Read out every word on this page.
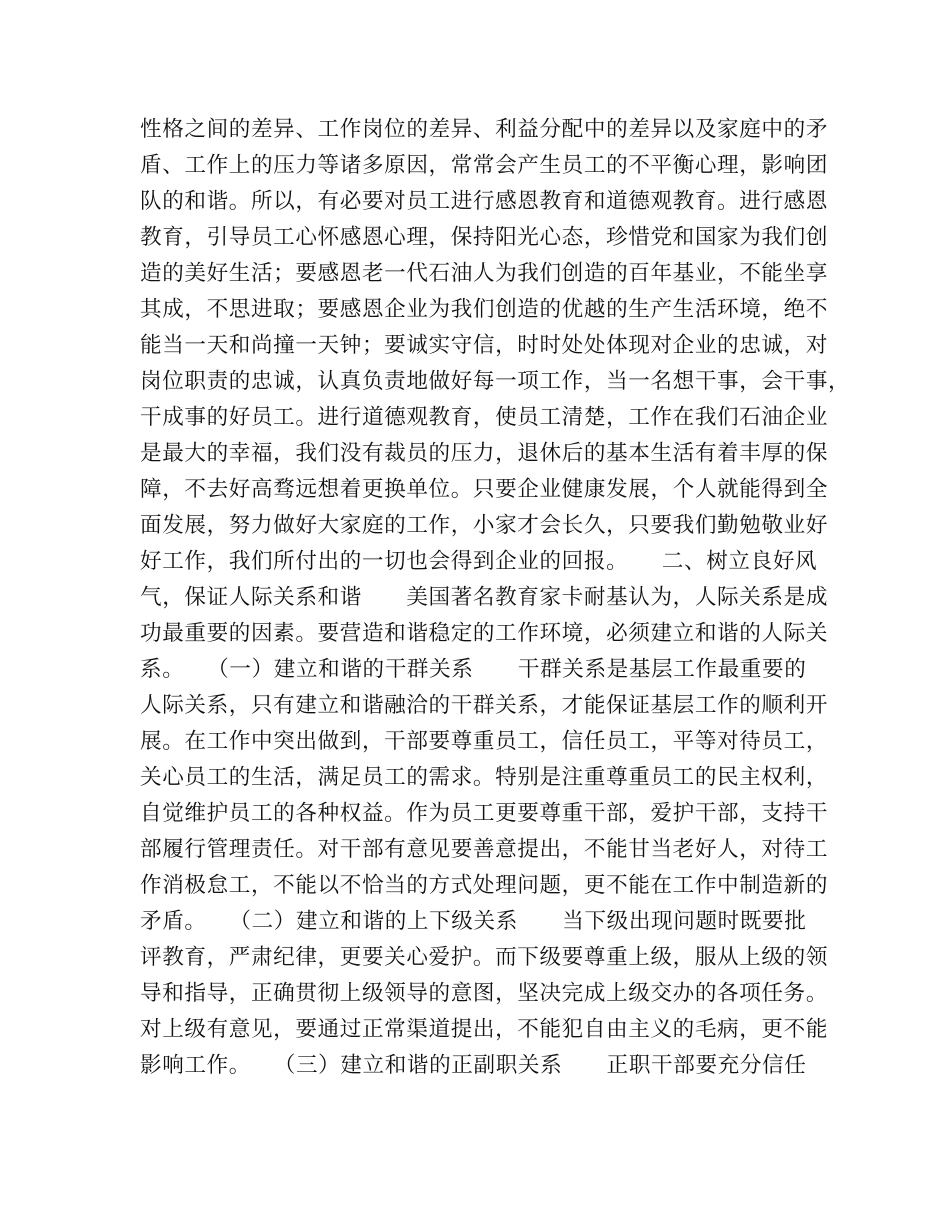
性格之间的差异、工作岗位的差异、利益分配中的差异以及家庭中的矛
盾、工作上的压力等诸多原因，常常会产生员工的不平衡心理，影响团
队的和谐。所以，有必要对员工进行感恩教育和道德观教育。进行感恩
教育，引导员工心怀感恩心理，保持阳光心态，珍惜党和国家为我们创
造的美好生活；要感恩老一代石油人为我们创造的百年基业，不能坐享
其成，不思进取；要感恩企业为我们创造的优越的生产生活环境，绝不
能当一天和尚撞一天钟；要诚实守信，时时处处体现对企业的忠诚，对
岗位职责的忠诚，认真负责地做好每一项工作，当一名想干事，会干事，
干成事的好员工。进行道德观教育，使员工清楚，工作在我们石油企业
是最大的幸福，我们没有裁员的压力，退休后的基本生活有着丰厚的保
障，不去好高骛远想着更换单位。只要企业健康发展，个人就能得到全
面发展，努力做好大家庭的工作，小家才会长久，只要我们勤勉敬业好
好工作，我们所付出的一切也会得到企业的回报。　　二、树立良好风
气，保证人际关系和谐　　美国著名教育家卡耐基认为，人际关系是成
功最重要的因素。要营造和谐稳定的工作环境，必须建立和谐的人际关
系。　　（一）建立和谐的干群关系　　干群关系是基层工作最重要的
人际关系，只有建立和谐融洽的干群关系，才能保证基层工作的顺利开
展。在工作中突出做到，干部要尊重员工，信任员工，平等对待员工，
关心员工的生活，满足员工的需求。特别是注重尊重员工的民主权利，
自觉维护员工的各种权益。作为员工更要尊重干部，爱护干部，支持干
部履行管理责任。对干部有意见要善意提出，不能甘当老好人，对待工
作消极怠工，不能以不恰当的方式处理问题，更不能在工作中制造新的
矛盾。　　（二）建立和谐的上下级关系　　当下级出现问题时既要批
评教育，严肃纪律，更要关心爱护。而下级要尊重上级，服从上级的领
导和指导，正确贯彻上级领导的意图，坚决完成上级交办的各项任务。
对上级有意见，要通过正常渠道提出，不能犯自由主义的毛病，更不能
影响工作。　　（三）建立和谐的正副职关系　　正职干部要充分信任
